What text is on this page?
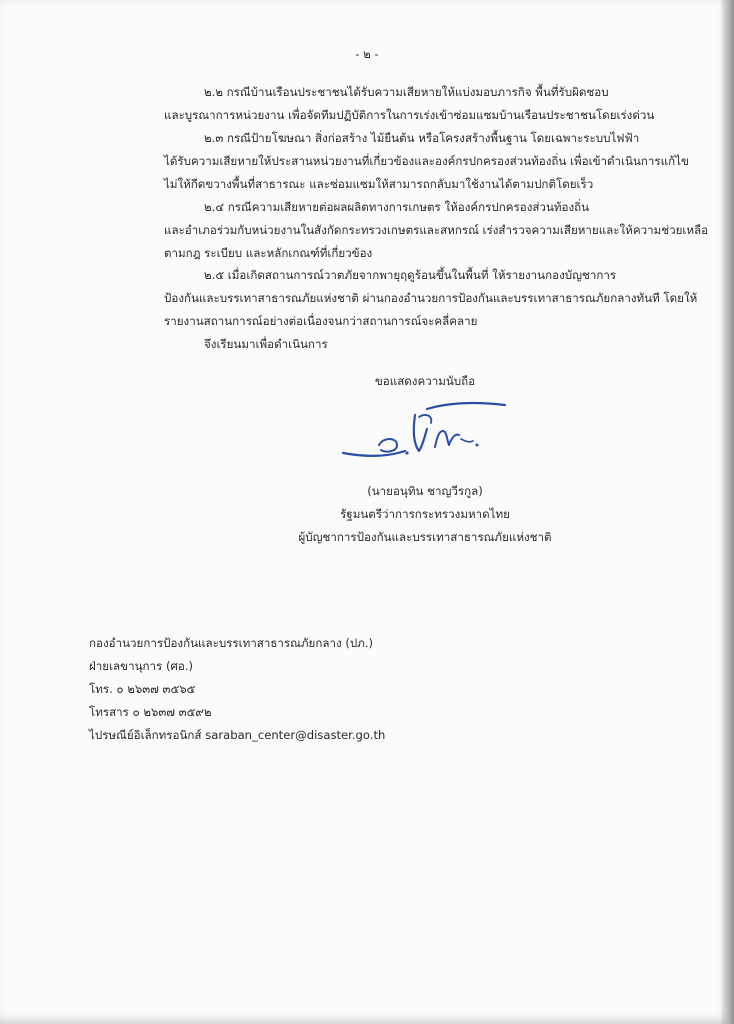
- ๒ -
๒.๒ กรณีบ้านเรือนประชาชนได้รับความเสียหายให้แบ่งมอบภารกิจ พื้นที่รับผิดชอบ
และบูรณาการหน่วยงาน เพื่อจัดทีมปฏิบัติการในการเร่งเข้าซ่อมแซมบ้านเรือนประชาชนโดยเร่งด่วน
๒.๓ กรณีป้ายโฆษณา สิ่งก่อสร้าง ไม้ยืนต้น หรือโครงสร้างพื้นฐาน โดยเฉพาะระบบไฟฟ้า
ได้รับความเสียหายให้ประสานหน่วยงานที่เกี่ยวข้องและองค์กรปกครองส่วนท้องถิ่น เพื่อเข้าดำเนินการแก้ไข
ไม่ให้กีดขวางพื้นที่สาธารณะ และซ่อมแซมให้สามารถกลับมาใช้งานได้ตามปกติโดยเร็ว
๒.๔ กรณีความเสียหายต่อผลผลิตทางการเกษตร ให้องค์กรปกครองส่วนท้องถิ่น
และอำเภอร่วมกับหน่วยงานในสังกัดกระทรวงเกษตรและสหกรณ์ เร่งสำรวจความเสียหายและให้ความช่วยเหลือ
ตามกฎ ระเบียบ และหลักเกณฑ์ที่เกี่ยวข้อง
๒.๕ เมื่อเกิดสถานการณ์วาตภัยจากพายุฤดูร้อนขึ้นในพื้นที่ ให้รายงานกองบัญชาการ
ป้องกันและบรรเทาสาธารณภัยแห่งชาติ ผ่านกองอำนวยการป้องกันและบรรเทาสาธารณภัยกลางทันที โดยให้
รายงานสถานการณ์อย่างต่อเนื่องจนกว่าสถานการณ์จะคลี่คลาย
จึงเรียนมาเพื่อดำเนินการ
ขอแสดงความนับถือ
(นายอนุทิน ชาญวีรกูล)
รัฐมนตรีว่าการกระทรวงมหาดไทย
ผู้บัญชาการป้องกันและบรรเทาสาธารณภัยแห่งชาติ
กองอำนวยการป้องกันและบรรเทาสาธารณภัยกลาง (ปภ.)
ฝ่ายเลขานุการ (ศอ.)
โทร. ๐ ๒๖๓๗ ๓๕๖๕
โทรสาร ๐ ๒๖๓๗ ๓๕๙๒
ไปรษณีย์อิเล็กทรอนิกส์ saraban_center@disaster.go.th
